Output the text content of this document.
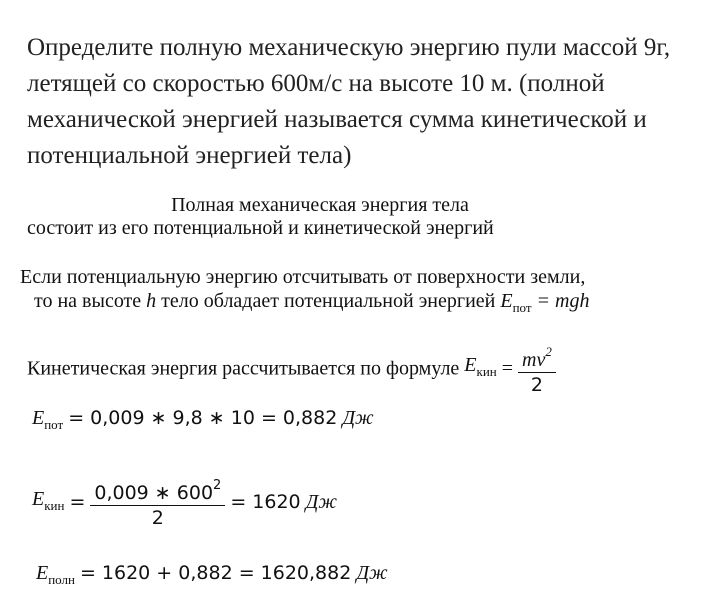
Определите полную механическую энергию пули массой 9г, летящей со скоростью 600м/с на высоте 10 м. (полной механической энергией называется сумма кинетической и потенциальной энергией тела)
Полная механическая энергия тела
состоит из его потенциальной и кинетической энергий
Если потенциальную энергию отсчитывать от поверхности земли,
то на высоте h тело обладает потенциальной энергией $E_{пот}$ = mgh
Кинетическая энергия рассчитывается по формуле $E_{кин} = \frac{mv^2}{2}$
$E_{пот} = 0,009$ ∗ 9,8 ∗ 10 = 0,882 Дж
$E_{кин} = \frac{0,009 ∗ 600^2}{2} = 1620$ Дж
$E_{полн} = 1620 + 0,882 = 1620,882$ Дж
